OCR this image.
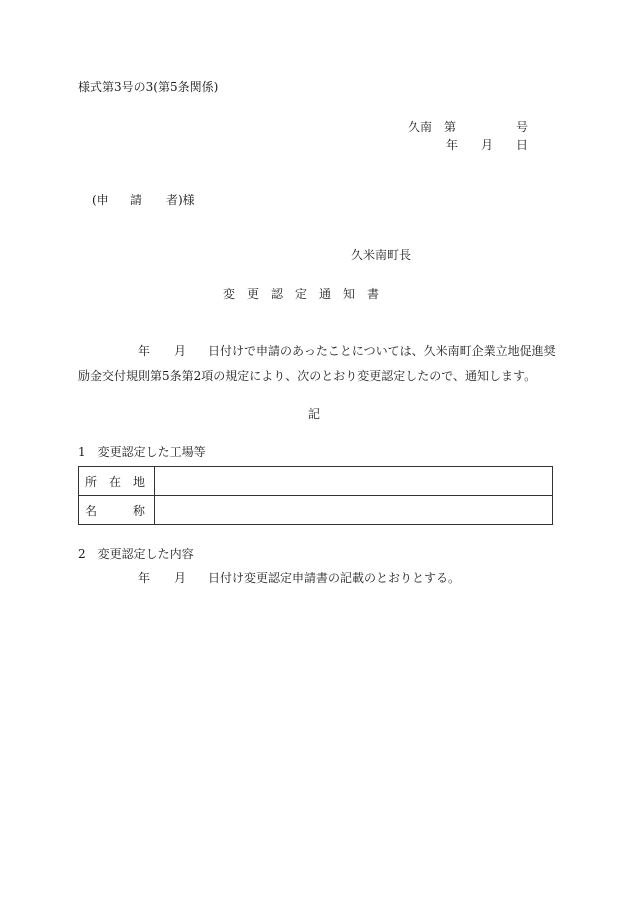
様式第3号の3(第5条関係)
久南　第	号
年 月 日
(申 請 者)様
久米南町長
変　更　認　定　通　知　書
年 月 日付けで申請のあったことについては、久米南町企業立地促進奨
励金交付規則第5条第2項の規定により、次のとおり変更認定したので、通知します。
記
1　変更認定した工場等
所　在　地	
名　　　称	
2　変更認定した内容
年 月 日付け変更認定申請書の記載のとおりとする。
